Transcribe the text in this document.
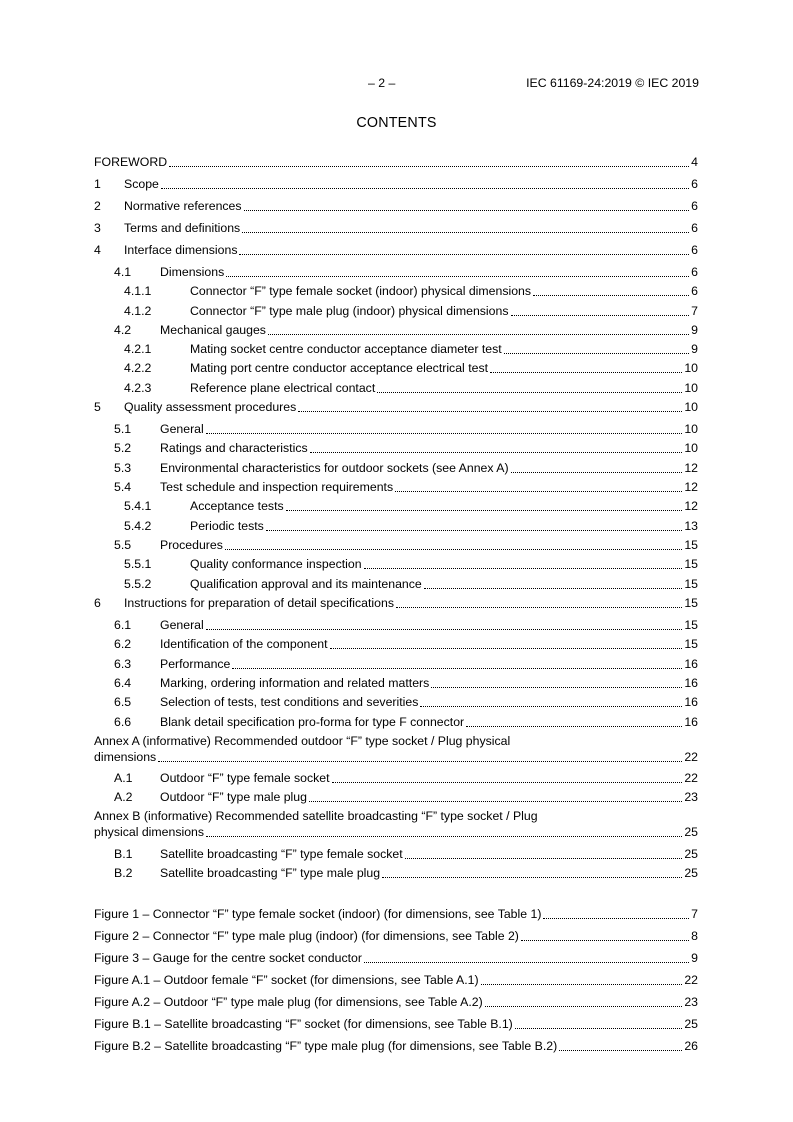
– 2 –	IEC 61169-24:2019 © IEC 2019
CONTENTS
FOREWORD	4
1 Scope	6
2 Normative references	6
3 Terms and definitions	6
4 Interface dimensions	6
4.1 Dimensions	6
4.1.1	Connector “F” type female socket (indoor) physical dimensions	6
4.1.2	Connector “F” type male plug (indoor) physical dimensions	7
4.2 Mechanical gauges	9
4.2.1	Mating socket centre conductor acceptance diameter test	9
4.2.2	Mating port centre conductor acceptance electrical test	10
4.2.3	Reference plane electrical contact	10
5 Quality assessment procedures	10
5.1 General	10
5.2 Ratings and characteristics	10
5.3 Environmental characteristics for outdoor sockets (see Annex A)	12
5.4 Test schedule and inspection requirements	12
5.4.1	Acceptance tests	12
5.4.2	Periodic tests	13
5.5 Procedures	15
5.5.1	Quality conformance inspection	15
5.5.2	Qualification approval and its maintenance	15
6 Instructions for preparation of detail specifications	15
6.1 General	15
6.2 Identification of the component	15
6.3 Performance	16
6.4 Marking, ordering information and related matters	16
6.5 Selection of tests, test conditions and severities	16
6.6 Blank detail specification pro-forma for type F connector	16
Annex A (informative) Recommended outdoor “F” type socket / Plug physical
dimensions	22
A.1 Outdoor “F” type female socket	22
A.2 Outdoor “F” type male plug	23
Annex B (informative) Recommended satellite broadcasting “F” type socket / Plug
physical dimensions	25
B.1 Satellite broadcasting “F” type female socket	25
B.2 Satellite broadcasting “F” type male plug	25
Figure 1 – Connector “F” type female socket (indoor) (for dimensions, see Table 1)	7
Figure 2 – Connector “F” type male plug (indoor) (for dimensions, see Table 2)	8
Figure 3 – Gauge for the centre socket conductor	9
Figure A.1 – Outdoor female “F” socket (for dimensions, see Table A.1)	22
Figure A.2 – Outdoor “F” type male plug (for dimensions, see Table A.2)	23
Figure B.1 – Satellite broadcasting “F” socket (for dimensions, see Table B.1)	25
Figure B.2 – Satellite broadcasting “F” type male plug (for dimensions, see Table B.2)	26
